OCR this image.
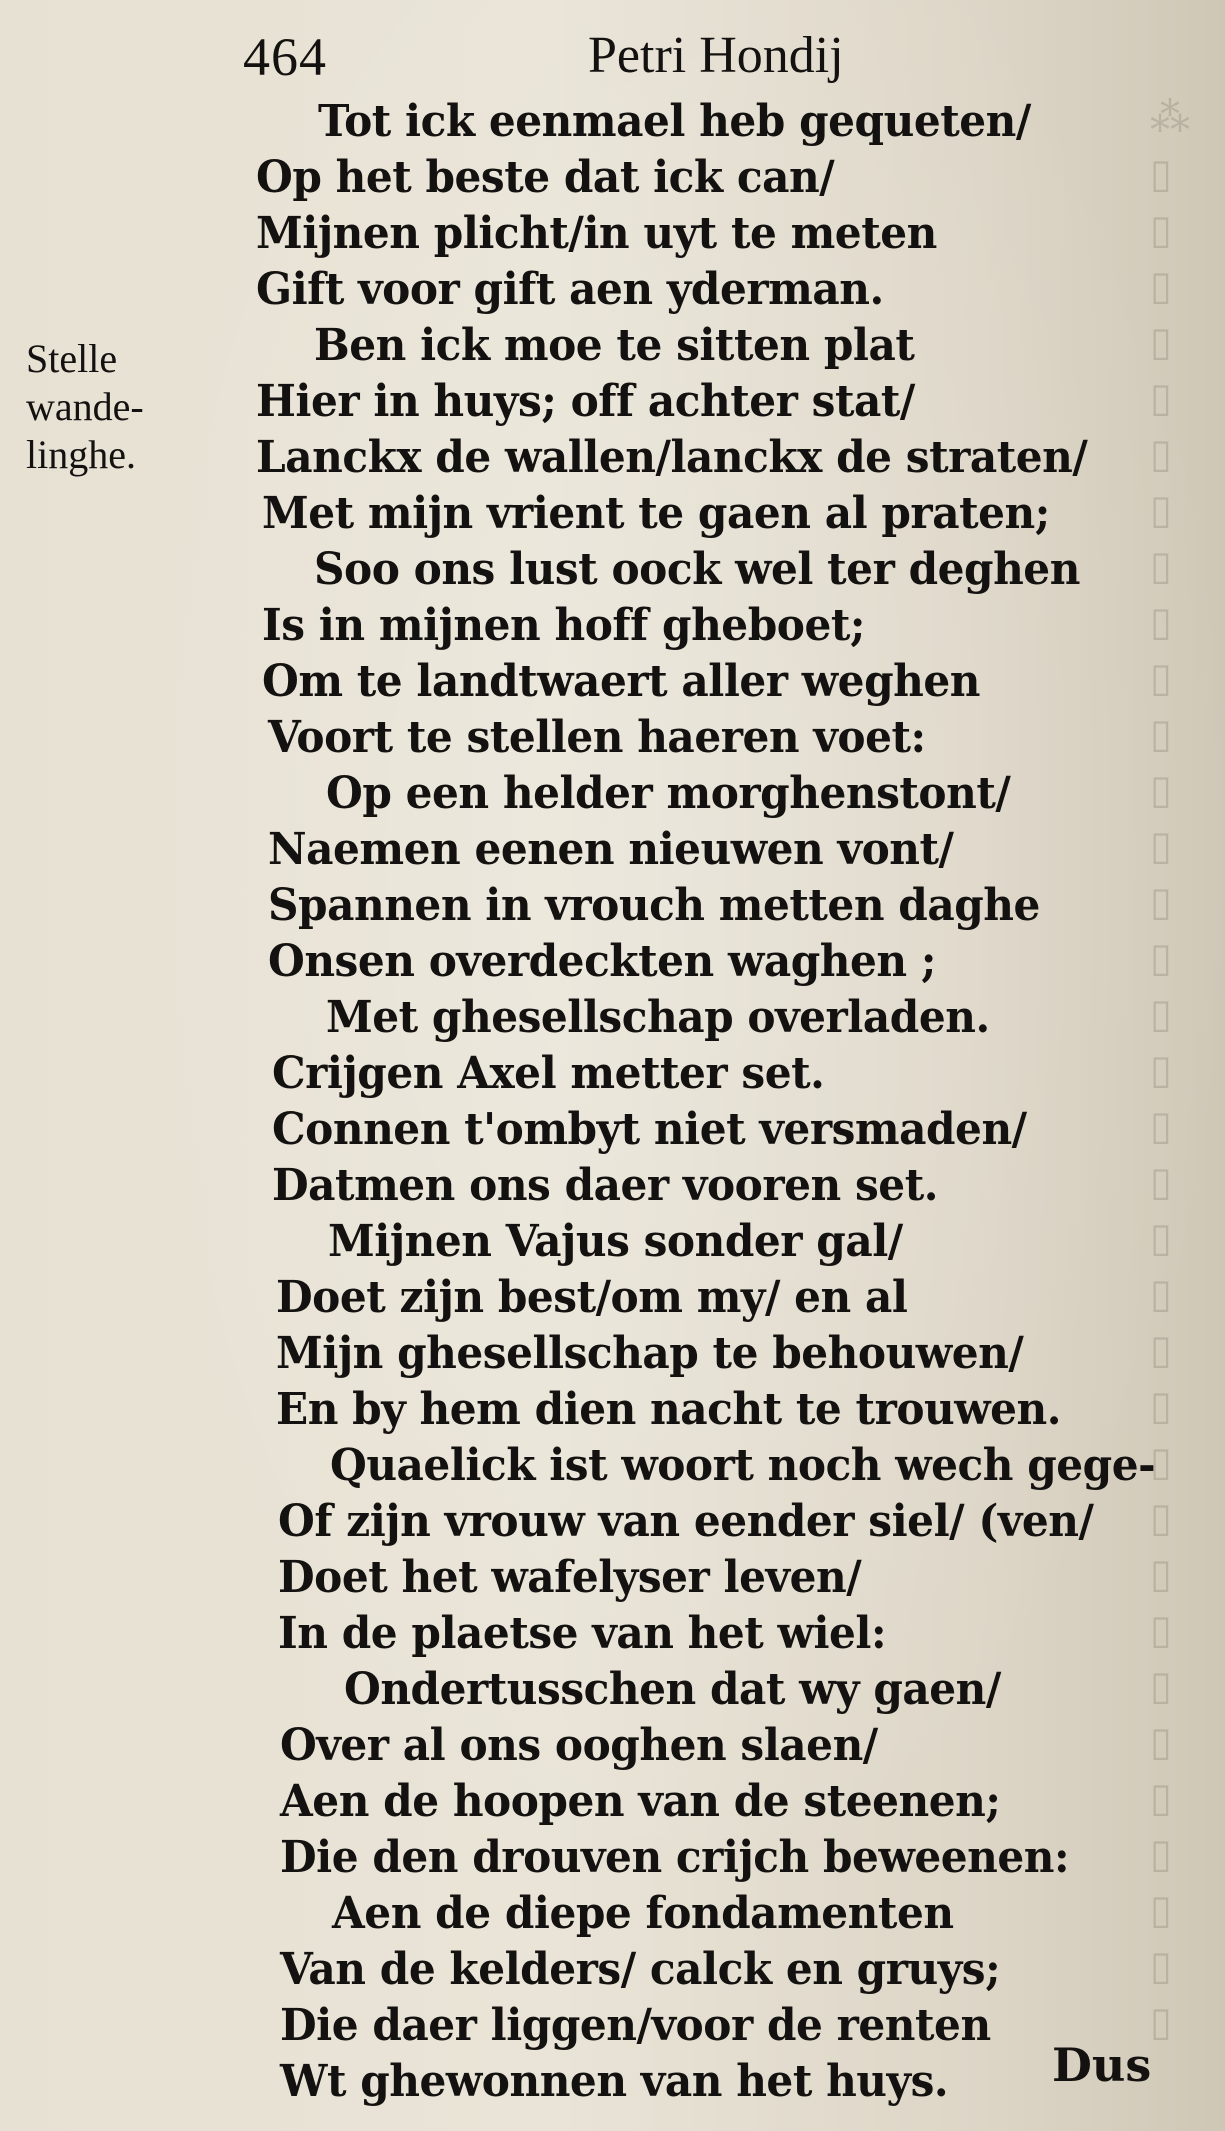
⁂
▯
▯
▯
▯
▯
▯
▯
▯
▯
▯
▯
▯
▯
▯
▯
▯
▯
▯
▯
▯
▯
▯
▯
▯
▯
▯
▯
▯
▯
▯
▯
▯
▯
▯
464	Petri Hondij
Stelle
wande-
linghe.
Tot ick eenmael heb gequeten/
Op het beste dat ick can/
Mijnen plicht/in uyt te meten
Gift voor gift aen yderman.
Ben ick moe te sitten plat
Hier in huys; off achter stat/
Lanckx de wallen/lanckx de straten/
Met mijn vrient te gaen al praten;
Soo ons lust oock wel ter deghen
Is in mijnen hoff gheboet;
Om te landtwaert aller weghen
Voort te stellen haeren voet:
Op een helder morghenstont/
Naemen eenen nieuwen vont/
Spannen in vrouch metten daghe
Onsen overdeckten waghen ;
Met ghesellschap overladen.
Crijgen Axel metter set.
Connen t'ombyt niet versmaden/
Datmen ons daer vooren set.
Mijnen Vajus sonder gal/
Doet zijn best/om my/ en al
Mijn ghesellschap te behouwen/
En by hem dien nacht te trouwen.
Quaelick ist woort noch wech gege-
Of zijn vrouw van eender siel/ (ven/
Doet het wafelyser leven/
In de plaetse van het wiel:
Ondertusschen dat wy gaen/
Over al ons ooghen slaen/
Aen de hoopen van de steenen;
Die den drouven crijch beweenen:
Aen de diepe fondamenten
Van de kelders/ calck en gruys;
Die daer liggen/voor de renten
Wt ghewonnen van het huys. Dus
